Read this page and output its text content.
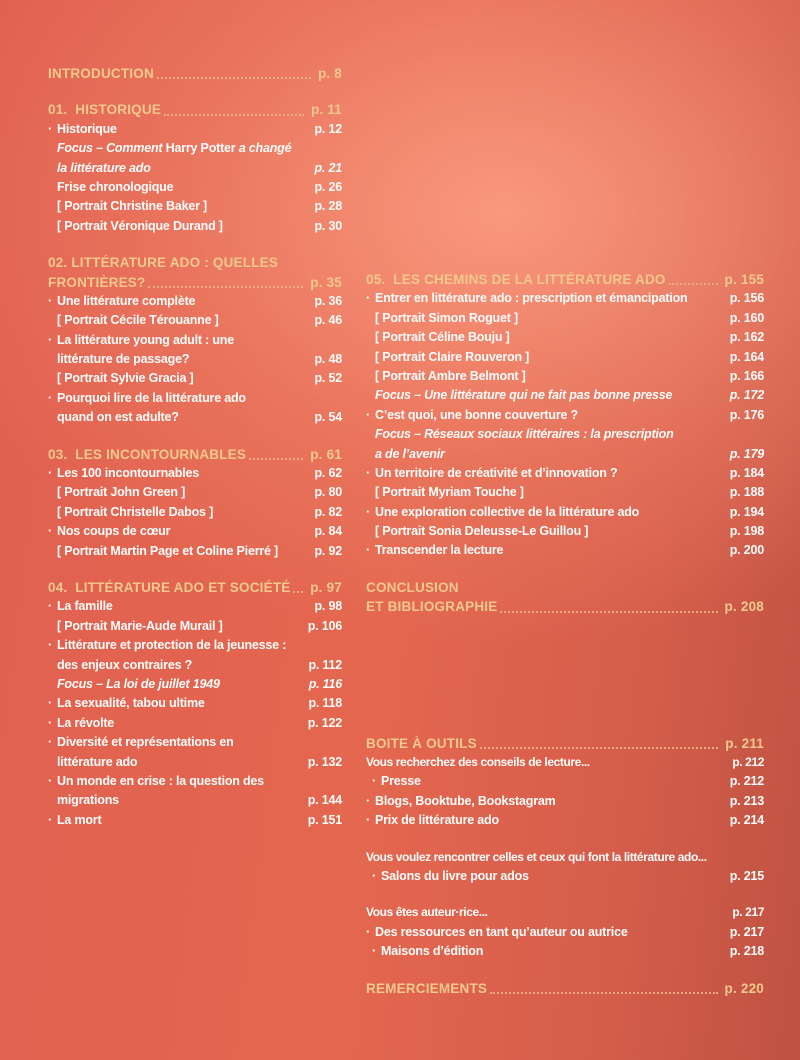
INTRODUCTION	p. 8
01.  HISTORIQUE	p. 11
· Historique	p. 12
Focus – Comment Harry Potter a changé
la littérature ado	p. 21
Frise chronologique	p. 26
[ Portrait Christine Baker ]	p. 28
[ Portrait Véronique Durand ]	p. 30
02. LITTÉRATURE ADO : QUELLES
FRONTIÈRES?	p. 35
· Une littérature complète	p. 36
[ Portrait Cécile Térouanne ]	p. 46
· La littérature young adult : une
littérature de passage?	p. 48
[ Portrait Sylvie Gracia ]	p. 52
· Pourquoi lire de la littérature ado
quand on est adulte?	p. 54
03.  LES INCONTOURNABLES	p. 61
· Les 100 incontournables	p. 62
[ Portrait John Green ]	p. 80
[ Portrait Christelle Dabos ]	p. 82
· Nos coups de cœur	p. 84
[ Portrait Martin Page et Coline Pierré ]	p. 92
04.  LITTÉRATURE ADO ET SOCIÉTÉ p. 97
· La famille	p. 98
[ Portrait Marie-Aude Murail ]	p. 106
· Littérature et protection de la jeunesse :
des enjeux contraires ?	p. 112
Focus – La loi de juillet 1949	p. 116
· La sexualité, tabou ultime	p. 118
· La révolte	p. 122
· Diversité et représentations en
littérature ado	p. 132
· Un monde en crise : la question des
migrations	p. 144
· La mort	p. 151
05.  LES CHEMINS DE LA LITTÉRATURE ADO	p. 155
· Entrer en littérature ado : prescription et émancipation	p. 156
[ Portrait Simon Roguet ]	p. 160
[ Portrait Céline Bouju ]	p. 162
[ Portrait Claire Rouveron ]	p. 164
[ Portrait Ambre Belmont ]	p. 166
Focus – Une littérature qui ne fait pas bonne presse	p. 172
· C’est quoi, une bonne couverture ?	p. 176
Focus – Réseaux sociaux littéraires : la prescription
a de l’avenir	p. 179
· Un territoire de créativité et d’innovation ?	p. 184
[ Portrait Myriam Touche ]	p. 188
· Une exploration collective de la littérature ado	p. 194
[ Portrait Sonia Deleusse-Le Guillou ]	p. 198
· Transcender la lecture	p. 200
CONCLUSION
ET BIBLIOGRAPHIE	p. 208
BOITE À OUTILS	p. 211
Vous recherchez des conseils de lecture...	p. 212
· Presse	p. 212
· Blogs, Booktube, Bookstagram	p. 213
· Prix de littérature ado	p. 214
Vous voulez rencontrer celles et ceux qui font la littérature ado...
· Salons du livre pour ados	p. 215
Vous êtes auteur·rice...	p. 217
· Des ressources en tant qu’auteur ou autrice	p. 217
· Maisons d’édition	p. 218
REMERCIEMENTS	p. 220
